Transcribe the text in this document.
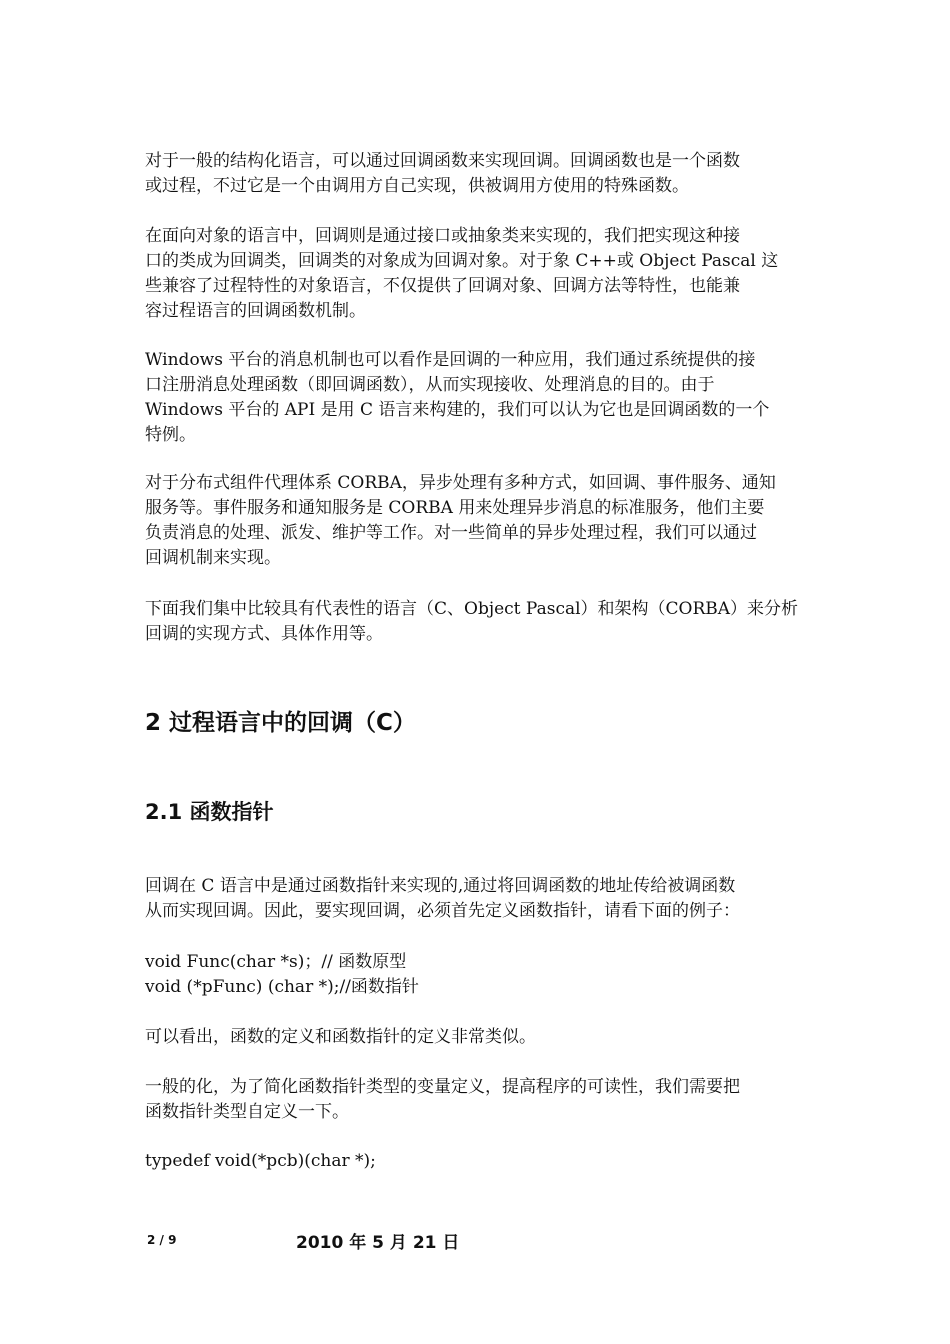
对于一般的结构化语言，可以通过回调函数来实现回调。回调函数也是一个函数
或过程，不过它是一个由调用方自己实现，供被调用方使用的特殊函数。

在面向对象的语言中，回调则是通过接口或抽象类来实现的，我们把实现这种接
口的类成为回调类，回调类的对象成为回调对象。对于象 C++或 Object Pascal 这
些兼容了过程特性的对象语言，不仅提供了回调对象、回调方法等特性，也能兼
容过程语言的回调函数机制。

Windows 平台的消息机制也可以看作是回调的一种应用，我们通过系统提供的接
口注册消息处理函数（即回调函数），从而实现接收、处理消息的目的。由于
Windows 平台的 API 是用 C 语言来构建的，我们可以认为它也是回调函数的一个
特例。

对于分布式组件代理体系 CORBA，异步处理有多种方式，如回调、事件服务、通知
服务等。事件服务和通知服务是 CORBA 用来处理异步消息的标准服务，他们主要
负责消息的处理、派发、维护等工作。对一些简单的异步处理过程，我们可以通过
回调机制来实现。

下面我们集中比较具有代表性的语言（C、Object Pascal）和架构（CORBA）来分析
回调的实现方式、具体作用等。

2 过程语言中的回调（C）
2.1 函数指针

回调在 C 语言中是通过函数指针来实现的,通过将回调函数的地址传给被调函数
从而实现回调。因此，要实现回调，必须首先定义函数指针，请看下面的例子：

void Func(char *s)；// 函数原型
void (*pFunc) (char *);//函数指针

可以看出，函数的定义和函数指针的定义非常类似。

一般的化，为了简化函数指针类型的变量定义，提高程序的可读性，我们需要把
函数指针类型自定义一下。

typedef void(*pcb)(char *);

2 / 9	2010 年 5 月 21 日
